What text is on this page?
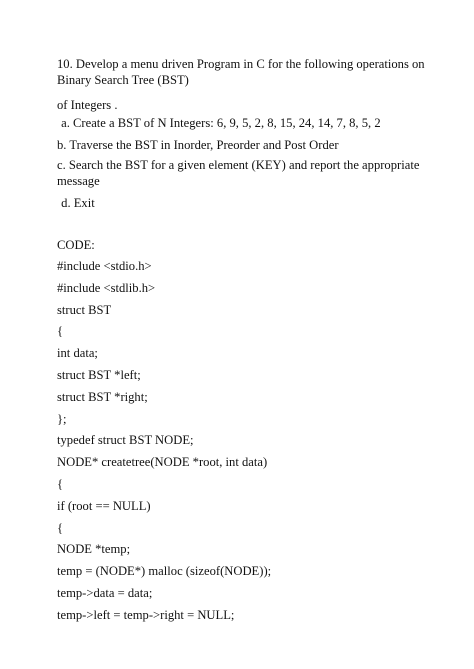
10. Develop a menu driven Program in C for the following operations on
Binary Search Tree (BST)
of Integers .
a. Create a BST of N Integers: 6, 9, 5, 2, 8, 15, 24, 14, 7, 8, 5, 2
b. Traverse the BST in Inorder, Preorder and Post Order
c. Search the BST for a given element (KEY) and report the appropriate
message
d. Exit
CODE:
#include <stdio.h>
#include <stdlib.h>
struct BST
{
int data;
struct BST *left;
struct BST *right;
};
typedef struct BST NODE;
NODE* createtree(NODE *root, int data)
{
if (root == NULL)
{
NODE *temp;
temp = (NODE*) malloc (sizeof(NODE));
temp->data = data;
temp->left = temp->right = NULL;
